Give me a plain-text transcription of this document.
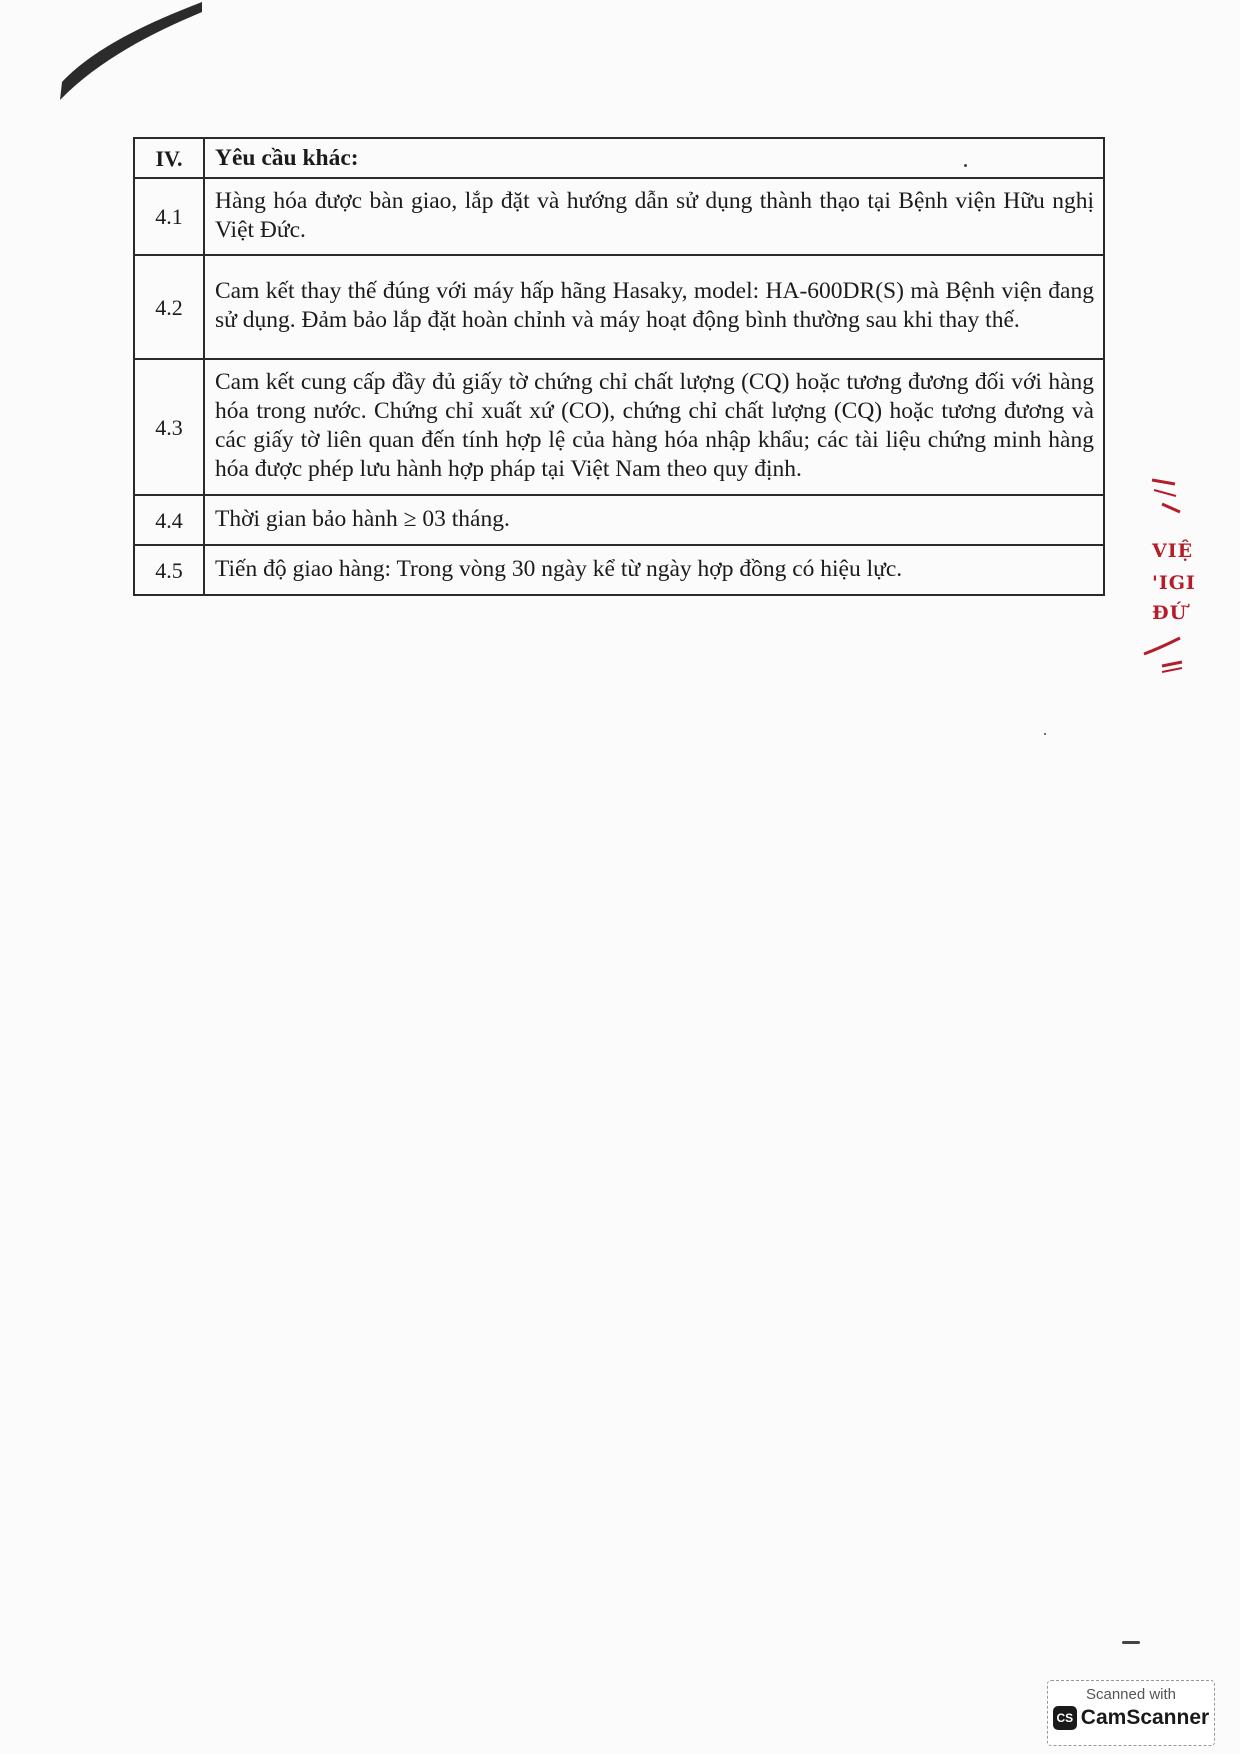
IV.	Yêu cầu khác:
4.1	Hàng hóa được bàn giao, lắp đặt và hướng dẫn sử dụng thành thạo tại Bệnh viện Hữu nghị Việt Đức.
4.2	Cam kết thay thế đúng với máy hấp hãng Hasaky, model: HA-600DR(S) mà Bệnh viện đang sử dụng. Đảm bảo lắp đặt hoàn chỉnh và máy hoạt động bình thường sau khi thay thế.
4.3	Cam kết cung cấp đầy đủ giấy tờ chứng chỉ chất lượng (CQ) hoặc tương đương đối với hàng hóa trong nước. Chứng chỉ xuất xứ (CO), chứng chỉ chất lượng (CQ) hoặc tương đương và các giấy tờ liên quan đến tính hợp lệ của hàng hóa nhập khẩu; các tài liệu chứng minh hàng hóa được phép lưu hành hợp pháp tại Việt Nam theo quy định.
4.4	Thời gian bảo hành ≥ 03 tháng.
4.5	Tiến độ giao hàng: Trong vòng 30 ngày kể từ ngày hợp đồng có hiệu lực.
VIỆ
'IGI
ĐỨ
Scanned with
CS CamScanner
